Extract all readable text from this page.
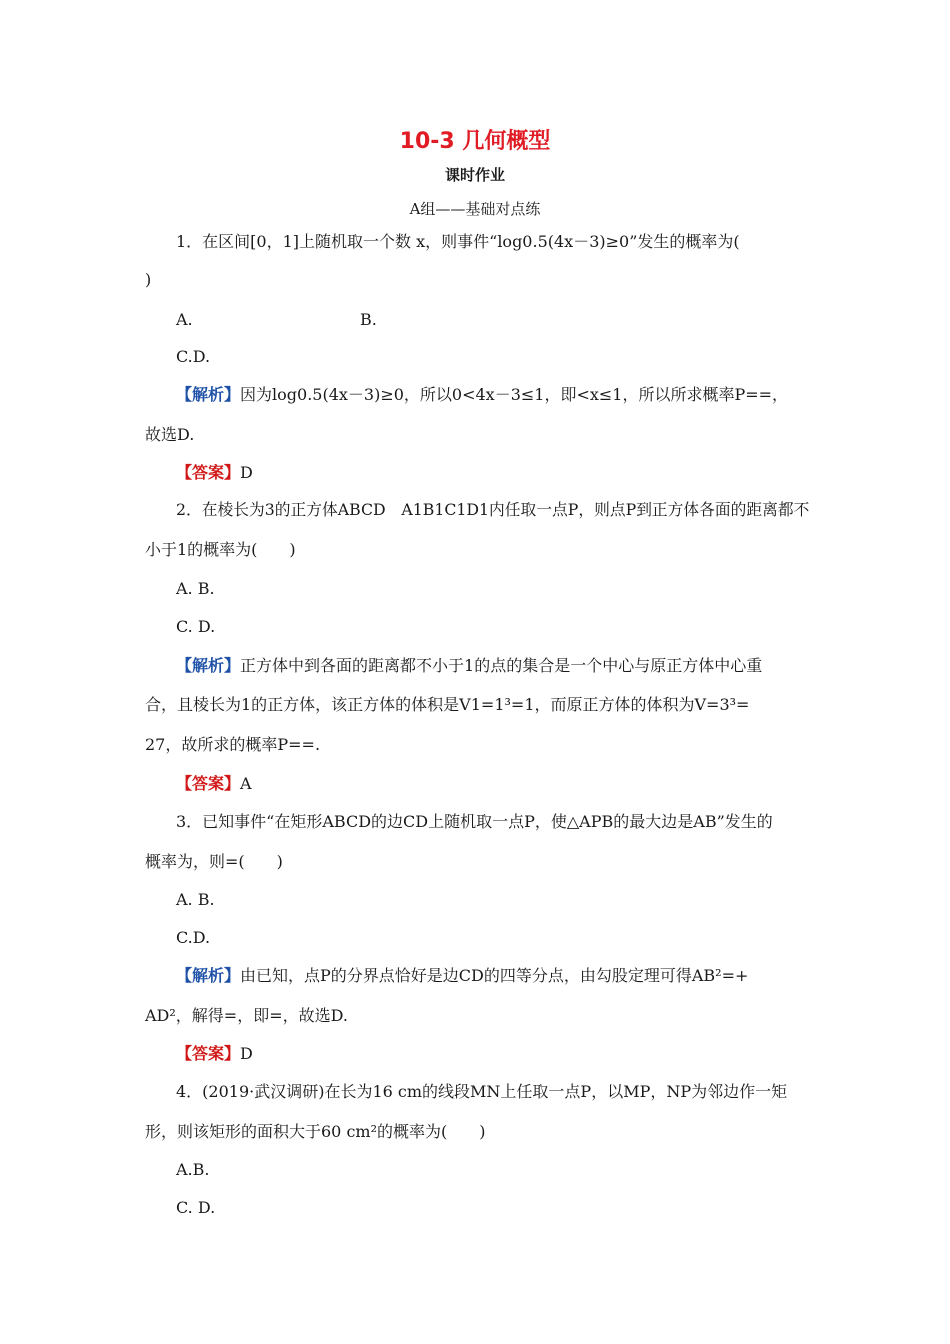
10-3 几何概型
课时作业
A组——基础对点练
1．在区间[0，1]上随机取一个数 x，则事件“log0.5(4x－3)≥0”发生的概率为(
)
A.	B.
C.D.
【解析】因为log0.5(4x－3)≥0，所以0<4x－3≤1，即<x≤1，所以所求概率P==，
故选D.
【答案】D
2．在棱长为3的正方体ABCD　A1B1C1D1内任取一点P，则点P到正方体各面的距离都不
小于1的概率为(　　)
A. B.
C. D.
【解析】正方体中到各面的距离都不小于1的点的集合是一个中心与原正方体中心重
合，且棱长为1的正方体，该正方体的体积是V1=1³=1，而原正方体的体积为V=3³=
27，故所求的概率P==.
【答案】A
3．已知事件“在矩形ABCD的边CD上随机取一点P，使△APB的最大边是AB”发生的
概率为，则=(　　)
A. B.
C.D.
【解析】由已知，点P的分界点恰好是边CD的四等分点，由勾股定理可得AB²=+
AD²，解得=，即=，故选D.
【答案】D
4．(2019·武汉调研)在长为16 cm的线段MN上任取一点P，以MP，NP为邻边作一矩
形，则该矩形的面积大于60 cm²的概率为(　　)
A.B.
C. D.
